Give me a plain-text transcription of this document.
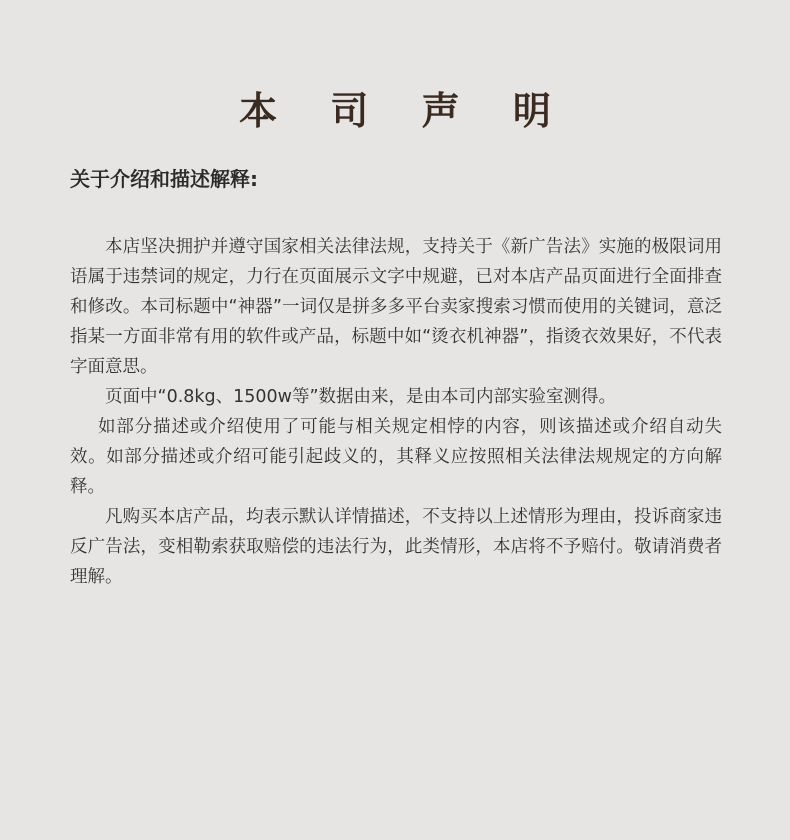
本 司 声 明
关于介绍和描述解释:

本店坚决拥护并遵守国家相关法律法规，支持关于《新广告法》实施的极限词用语属于违禁词的规定，力行在页面展示文字中规避，已对本店产品页面进行全面排查和修改。本司标题中“神器”一词仅是拼多多平台卖家搜索习惯而使用的关键词，意泛指某一方面非常有用的软件或产品，标题中如“烫衣机神器”，指烫衣效果好，不代表字面意思。

页面中“0.8kg、1500w等”数据由来，是由本司内部实验室测得。

如部分描述或介绍使用了可能与相关规定相悖的内容，则该描述或介绍自动失效。如部分描述或介绍可能引起歧义的，其释义应按照相关法律法规规定的方向解释。

凡购买本店产品，均表示默认详情描述，不支持以上述情形为理由，投诉商家违反广告法，变相勒索获取赔偿的违法行为，此类情形，本店将不予赔付。敬请消费者理解。
